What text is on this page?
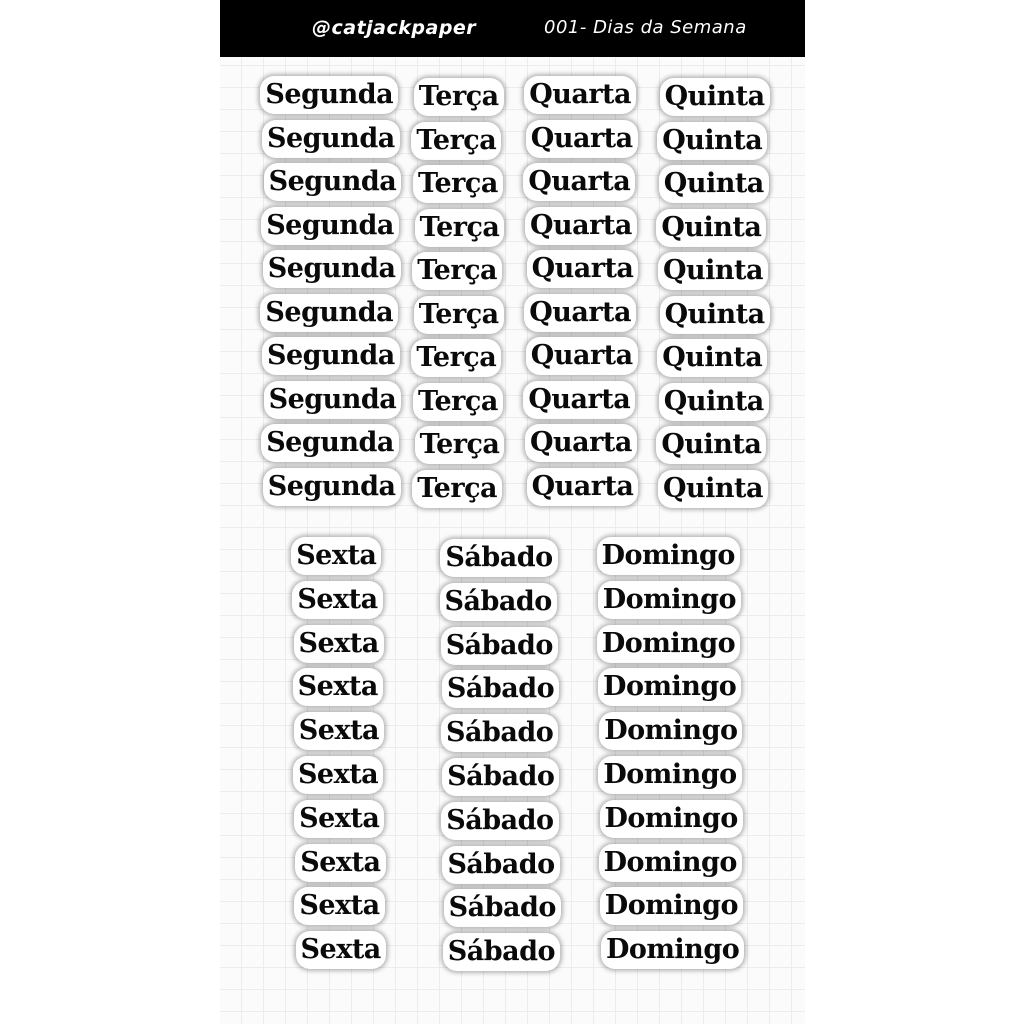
@catjackpaper	001- Dias da Semana
Segunda Terça Quarta Quinta
Segunda Terça Quarta Quinta
Segunda Terça Quarta Quinta
Segunda Terça Quarta Quinta
Segunda Terça Quarta Quinta
Segunda Terça Quarta Quinta
Segunda Terça Quarta Quinta
Segunda Terça Quarta Quinta
Segunda Terça Quarta Quinta
Segunda Terça Quarta Quinta
Sexta	Sábado Domingo
Sexta Sábado Domingo
Sexta Sábado Domingo
Sexta	Sábado Domingo
Sexta Sábado Domingo
Sexta	Sábado Domingo
Sexta Sábado Domingo
Sexta Sábado Domingo
Sexta	Sábado Domingo
Sexta Sábado Domingo
